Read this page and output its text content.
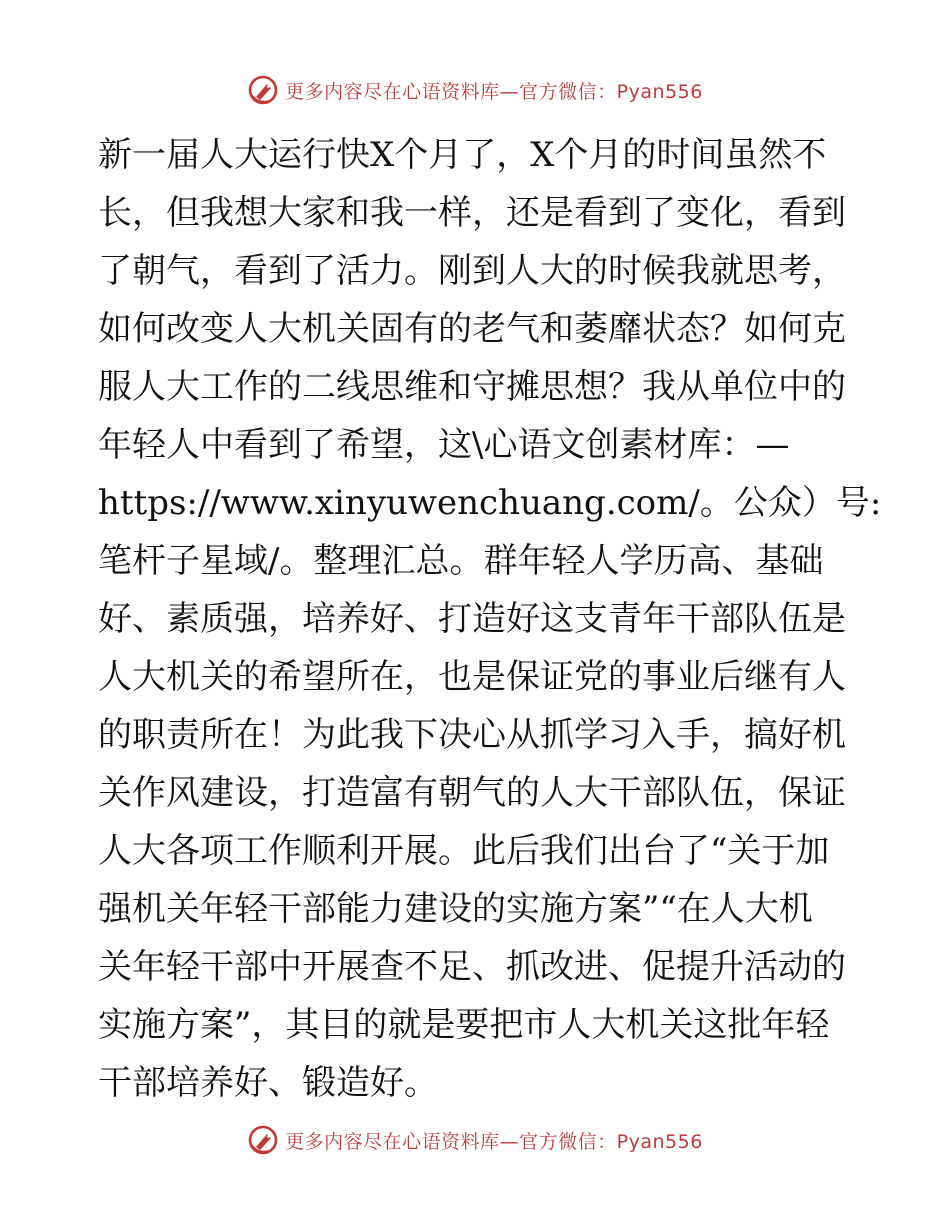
更多内容尽在心语资料库—官方微信：Pyan556
新一届人大运行快X个月了，X个月的时间虽然不
长，但我想大家和我一样，还是看到了变化，看到
了朝气，看到了活力。刚到人大的时候我就思考，
如何改变人大机关固有的老气和萎靡状态？如何克
服人大工作的二线思维和守摊思想？我从单位中的
年轻人中看到了希望，这\心语文创素材库：—
https://www.xinyuwenchuang.com/。公众）号:
笔杆子星域/。整理汇总。群年轻人学历高、基础
好、素质强，培养好、打造好这支青年干部队伍是
人大机关的希望所在，也是保证党的事业后继有人
的职责所在！为此我下决心从抓学习入手，搞好机
关作风建设，打造富有朝气的人大干部队伍，保证
人大各项工作顺利开展。此后我们出台了“关于加
强机关年轻干部能力建设的实施方案”“在人大机
关年轻干部中开展查不足、抓改进、促提升活动的
实施方案”，其目的就是要把市人大机关这批年轻
干部培养好、锻造好。
更多内容尽在心语资料库—官方微信：Pyan556
